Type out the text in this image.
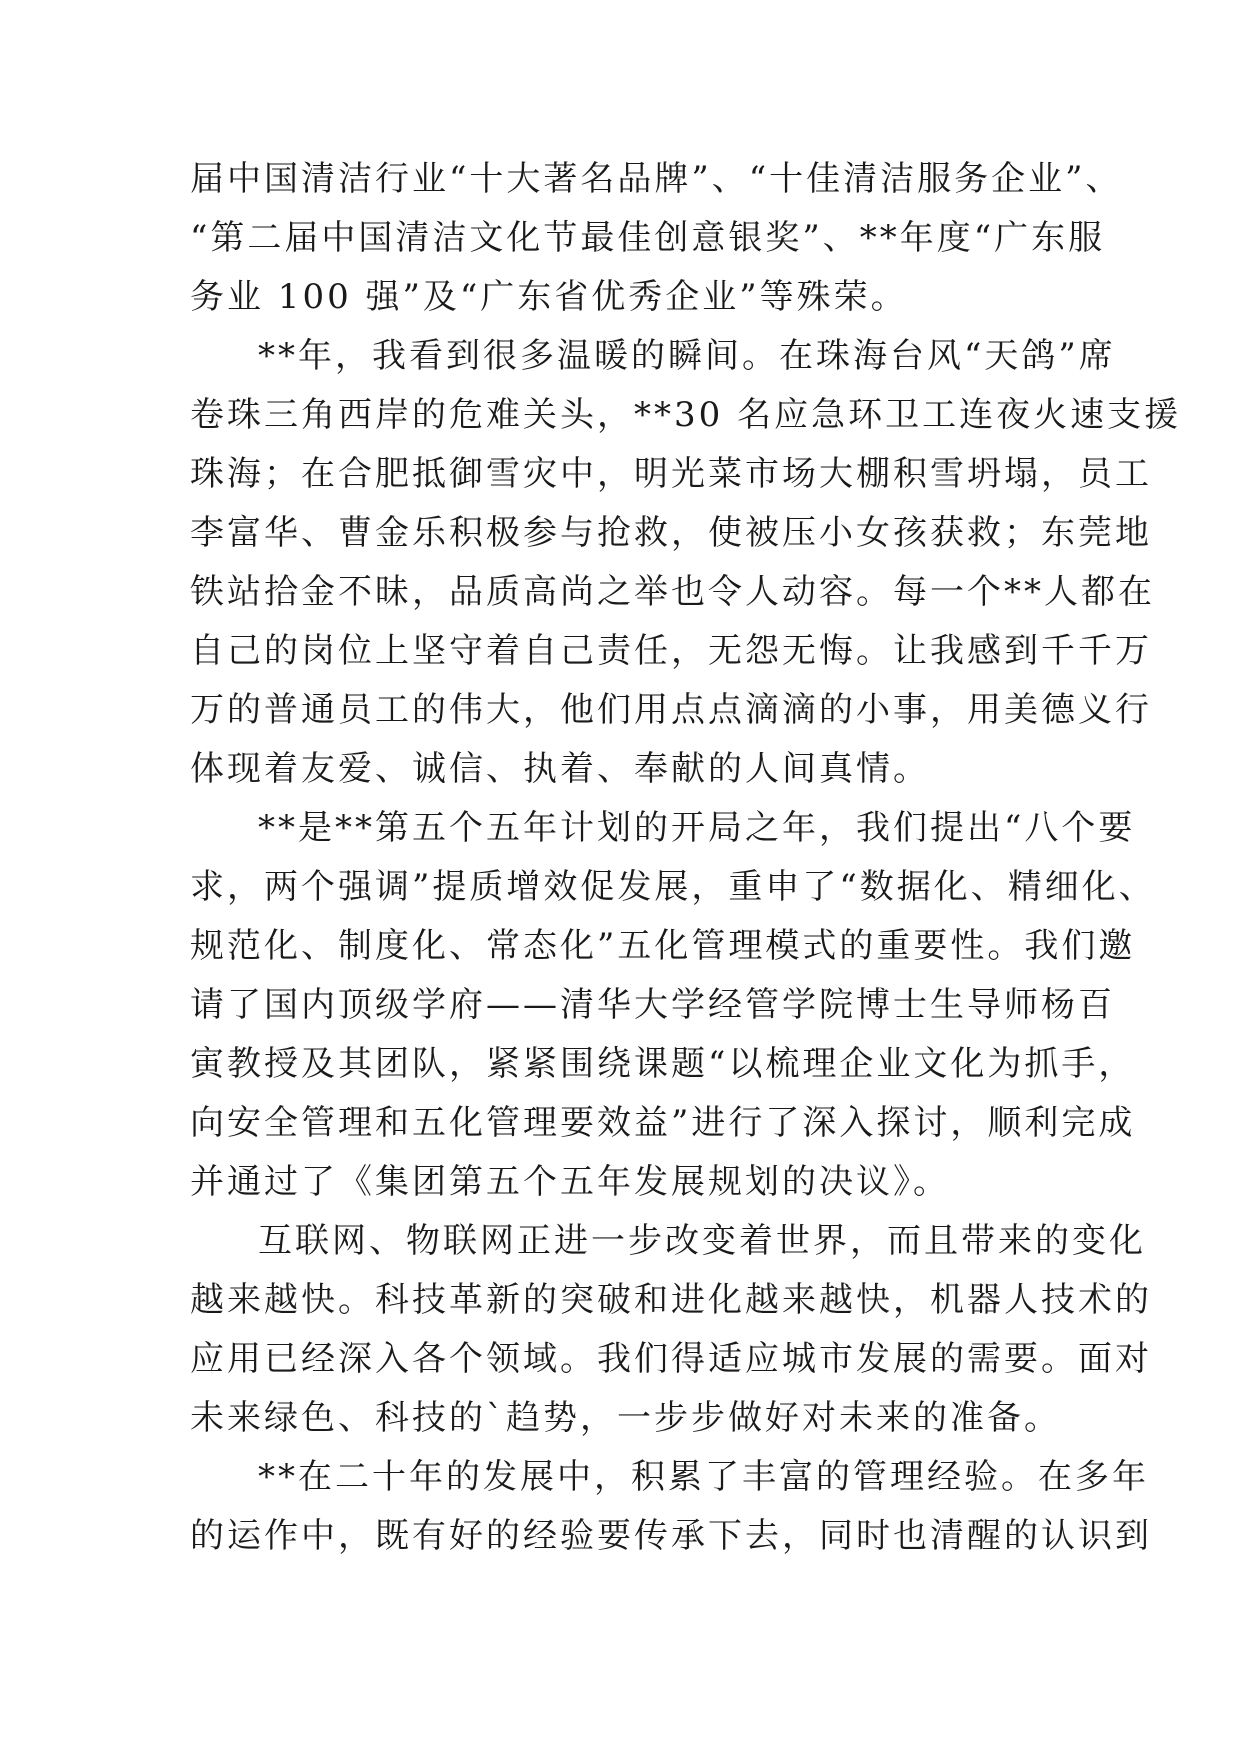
届中国清洁行业“十大著名品牌”、“十佳清洁服务企业”、
“第二届中国清洁文化节最佳创意银奖”、**年度“广东服
务业 100 强”及“广东省优秀企业”等殊荣。
**年，我看到很多温暖的瞬间。在珠海台风“天鸽”席
卷珠三角西岸的危难关头，**30 名应急环卫工连夜火速支援
珠海；在合肥抵御雪灾中，明光菜市场大棚积雪坍塌，员工
李富华、曹金乐积极参与抢救，使被压小女孩获救；东莞地
铁站拾金不昧，品质高尚之举也令人动容。每一个**人都在
自己的岗位上坚守着自己责任，无怨无悔。让我感到千千万
万的普通员工的伟大，他们用点点滴滴的小事，用美德义行
体现着友爱、诚信、执着、奉献的人间真情。
**是**第五个五年计划的开局之年，我们提出“八个要
求，两个强调”提质增效促发展，重申了“数据化、精细化、
规范化、制度化、常态化”五化管理模式的重要性。我们邀
请了国内顶级学府——清华大学经管学院博士生导师杨百
寅教授及其团队，紧紧围绕课题“以梳理企业文化为抓手，
向安全管理和五化管理要效益”进行了深入探讨，顺利完成
并通过了《集团第五个五年发展规划的决议》。
互联网、物联网正进一步改变着世界，而且带来的变化
越来越快。科技革新的突破和进化越来越快，机器人技术的
应用已经深入各个领域。我们得适应城市发展的需要。面对
未来绿色、科技的`趋势，一步步做好对未来的准备。
**在二十年的发展中，积累了丰富的管理经验。在多年
的运作中，既有好的经验要传承下去，同时也清醒的认识到
